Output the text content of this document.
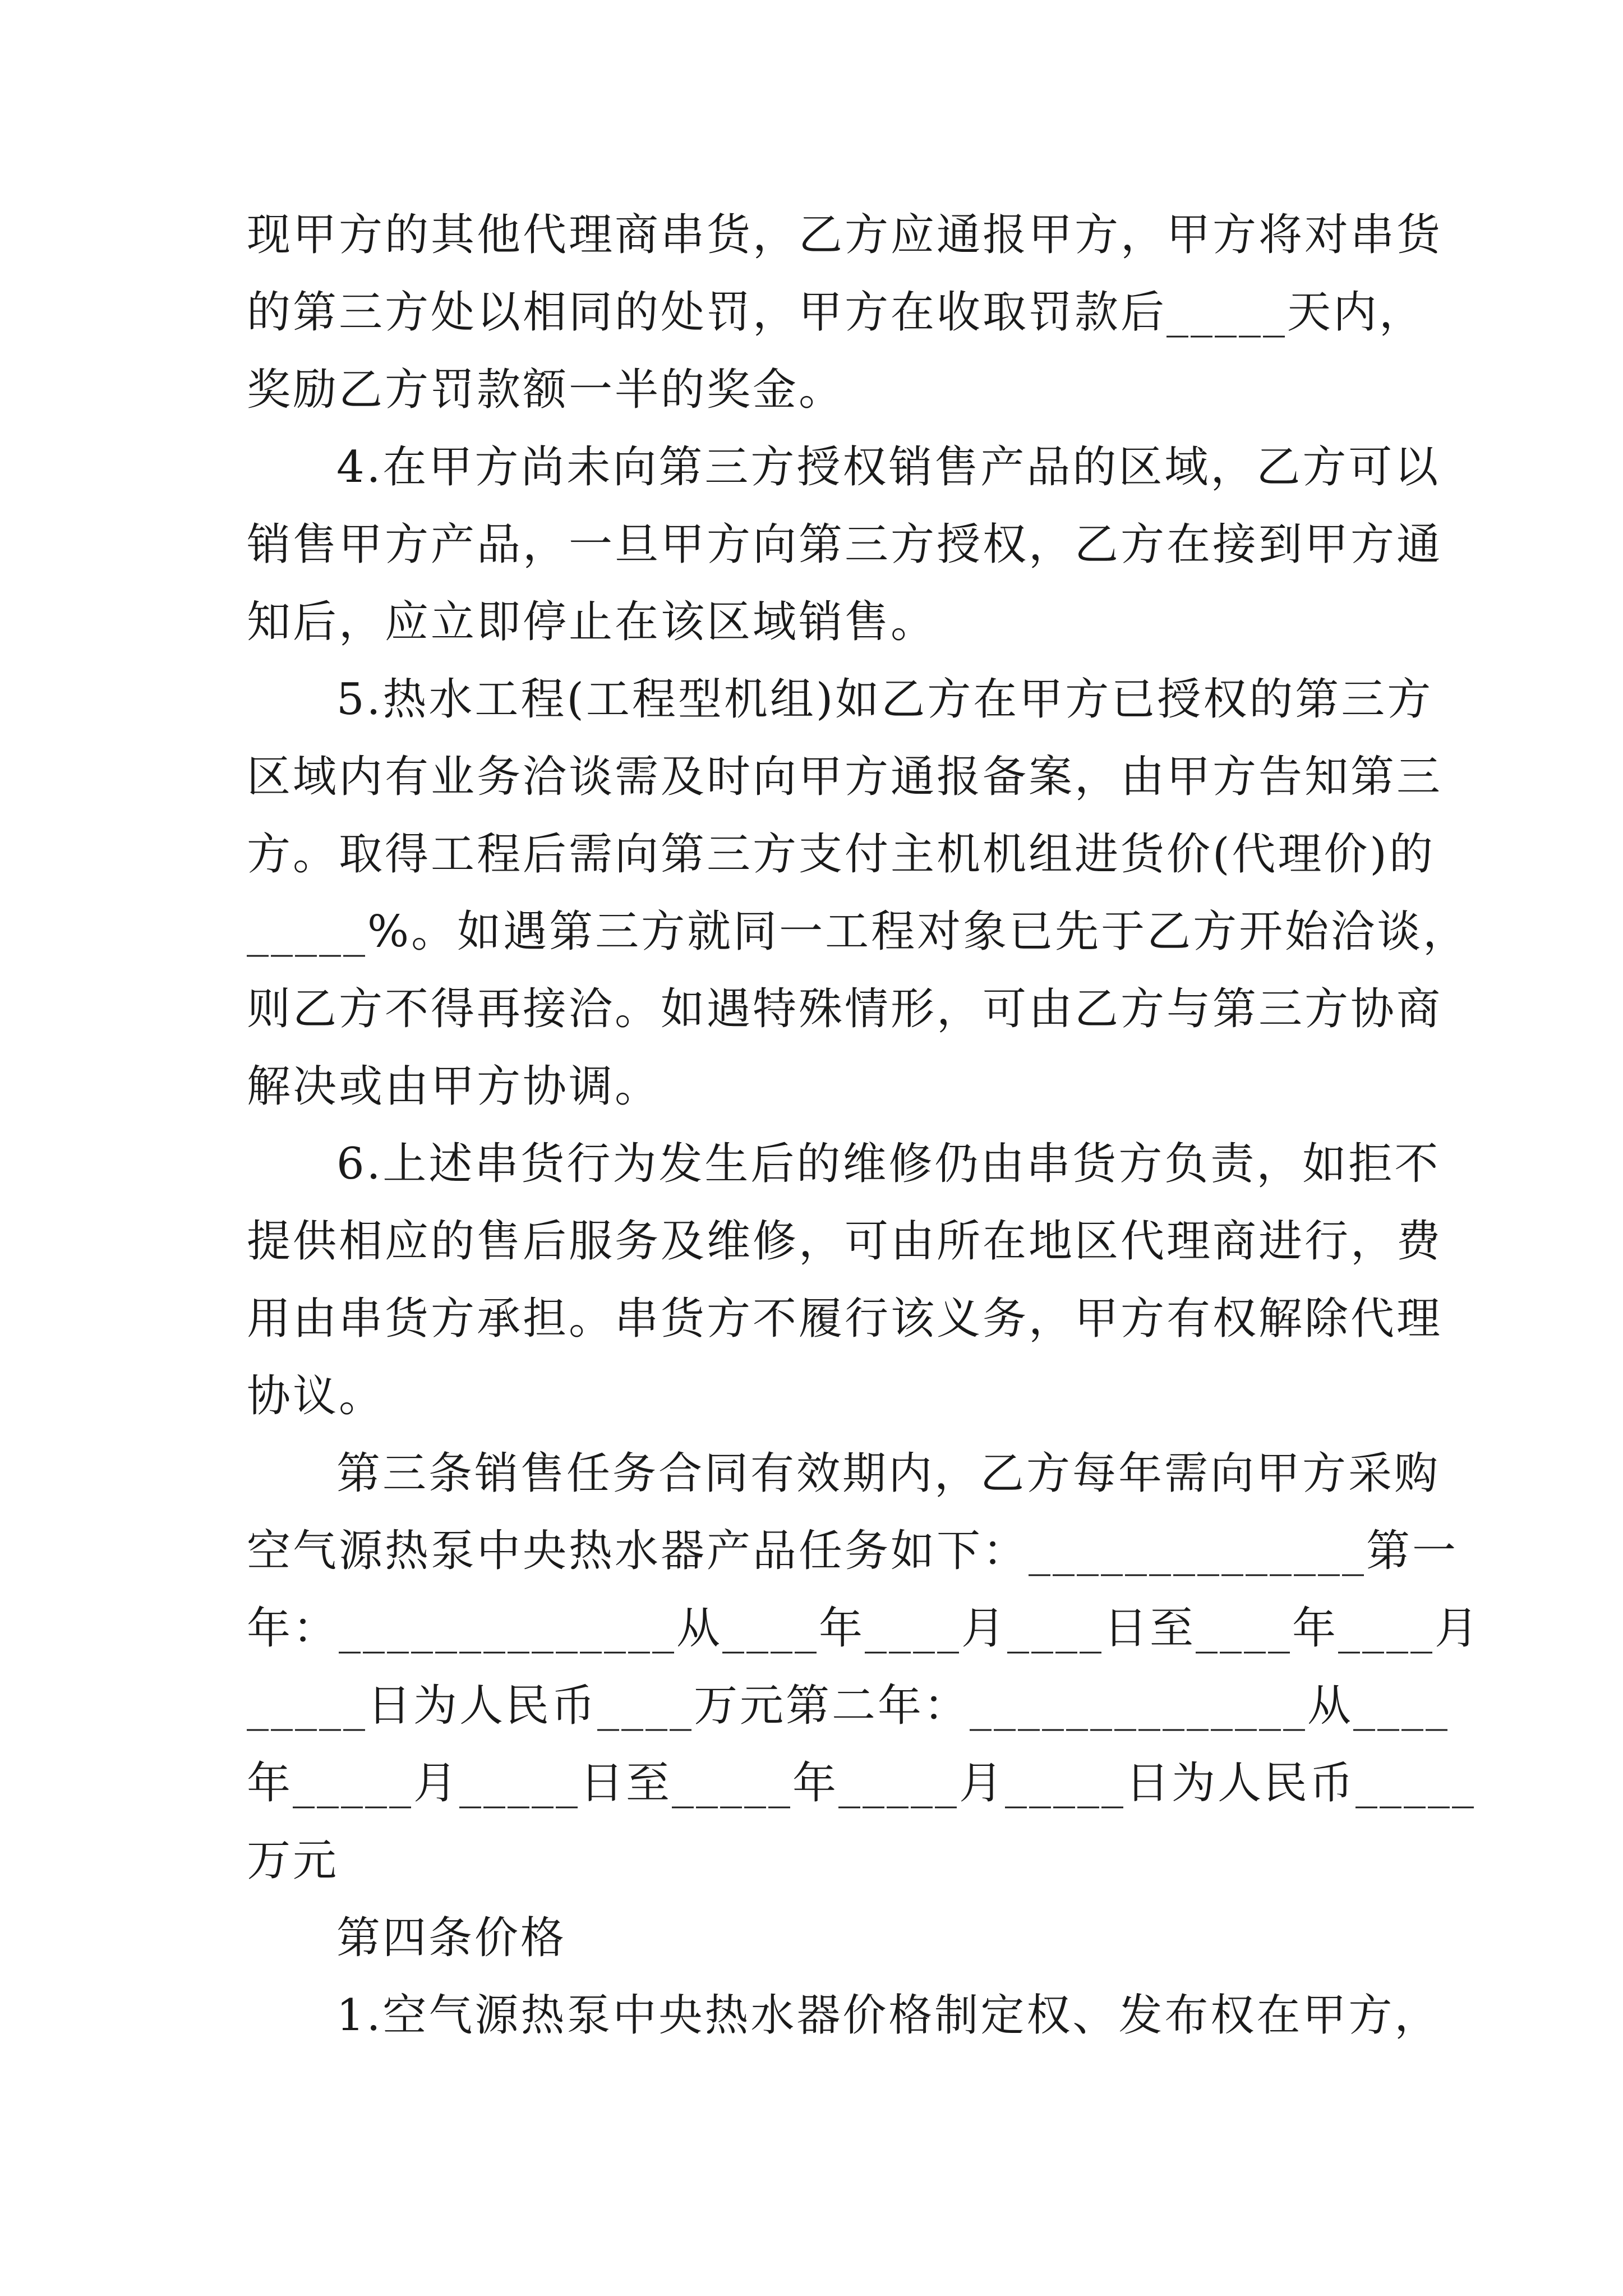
现甲方的其他代理商串货，乙方应通报甲方，甲方将对串货
的第三方处以相同的处罚，甲方在收取罚款后_____天内，
奖励乙方罚款额一半的奖金。
4.在甲方尚未向第三方授权销售产品的区域，乙方可以
销售甲方产品，一旦甲方向第三方授权，乙方在接到甲方通
知后，应立即停止在该区域销售。
5.热水工程(工程型机组)如乙方在甲方已授权的第三方
区域内有业务洽谈需及时向甲方通报备案，由甲方告知第三
方。取得工程后需向第三方支付主机机组进货价(代理价)的
_____%。如遇第三方就同一工程对象已先于乙方开始洽谈，
则乙方不得再接洽。如遇特殊情形，可由乙方与第三方协商
解决或由甲方协调。
6.上述串货行为发生后的维修仍由串货方负责，如拒不
提供相应的售后服务及维修，可由所在地区代理商进行，费
用由串货方承担。串货方不履行该义务，甲方有权解除代理
协议。
第三条销售任务合同有效期内，乙方每年需向甲方采购
空气源热泵中央热水器产品任务如下：______________第一
年：______________从____年____月____日至____年____月
_____日为人民币____万元第二年：______________从____
年_____月_____日至_____年_____月_____日为人民币_____
万元
第四条价格
1.空气源热泵中央热水器价格制定权、发布权在甲方，
